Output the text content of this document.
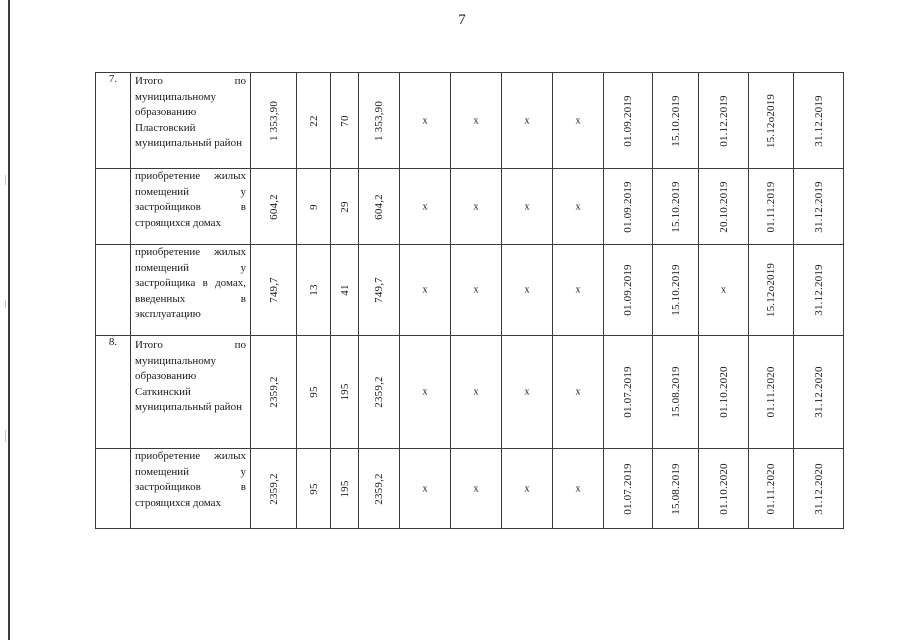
7
7.	Итого по муниципальному образованию Пластовский муниципальный район	1 353,90	22	70	1 353,90	x	x	x	x	01.09.2019	15.10.2019	01.12.2019	15.12o2019	31.12.2019

	приобретение жилых помещений у застройщиков в строящихся домах	604,2	9	29	604,2	x	x	x	x	01.09.2019	15.10.2019	20.10.2019	01.11.2019	31.12.2019

	приобретение жилых помещений у застройщика в домах, введенных в эксплуатацию	749,7	13	41	749,7	x	x	x	x	01.09.2019	15.10.2019	x	15.12o2019	31.12.2019

8.	Итого по муниципальному образованию Саткинский муниципальный район	2359,2	95	195	2359,2	x	x	x	x	01.07.2019	15.08.2019	01.10.2020	01.11.2020	31.12.2020

	приобретение жилых помещений у застройщиков в строящихся домах	2359,2	95	195	2359,2	x	x	x	x	01.07.2019	15.08.2019	01.10.2020	01.11.2020	31.12.2020
